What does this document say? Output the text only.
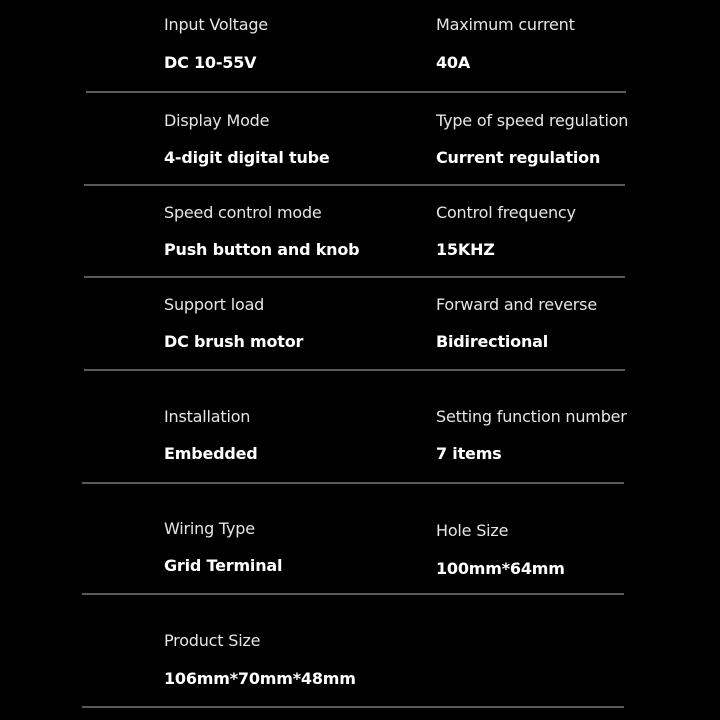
Input Voltage
DC 10-55V
Maximum current
40A
Display Mode
4-digit digital tube
Type of speed regulation
Current regulation
Speed control mode
Push button and knob
Control frequency
15KHZ
Support load
DC brush motor
Forward and reverse
Bidirectional
Installation
Embedded
Setting function number
7 items
Wiring Type
Grid Terminal
Hole Size
100mm*64mm
Product Size
106mm*70mm*48mm
